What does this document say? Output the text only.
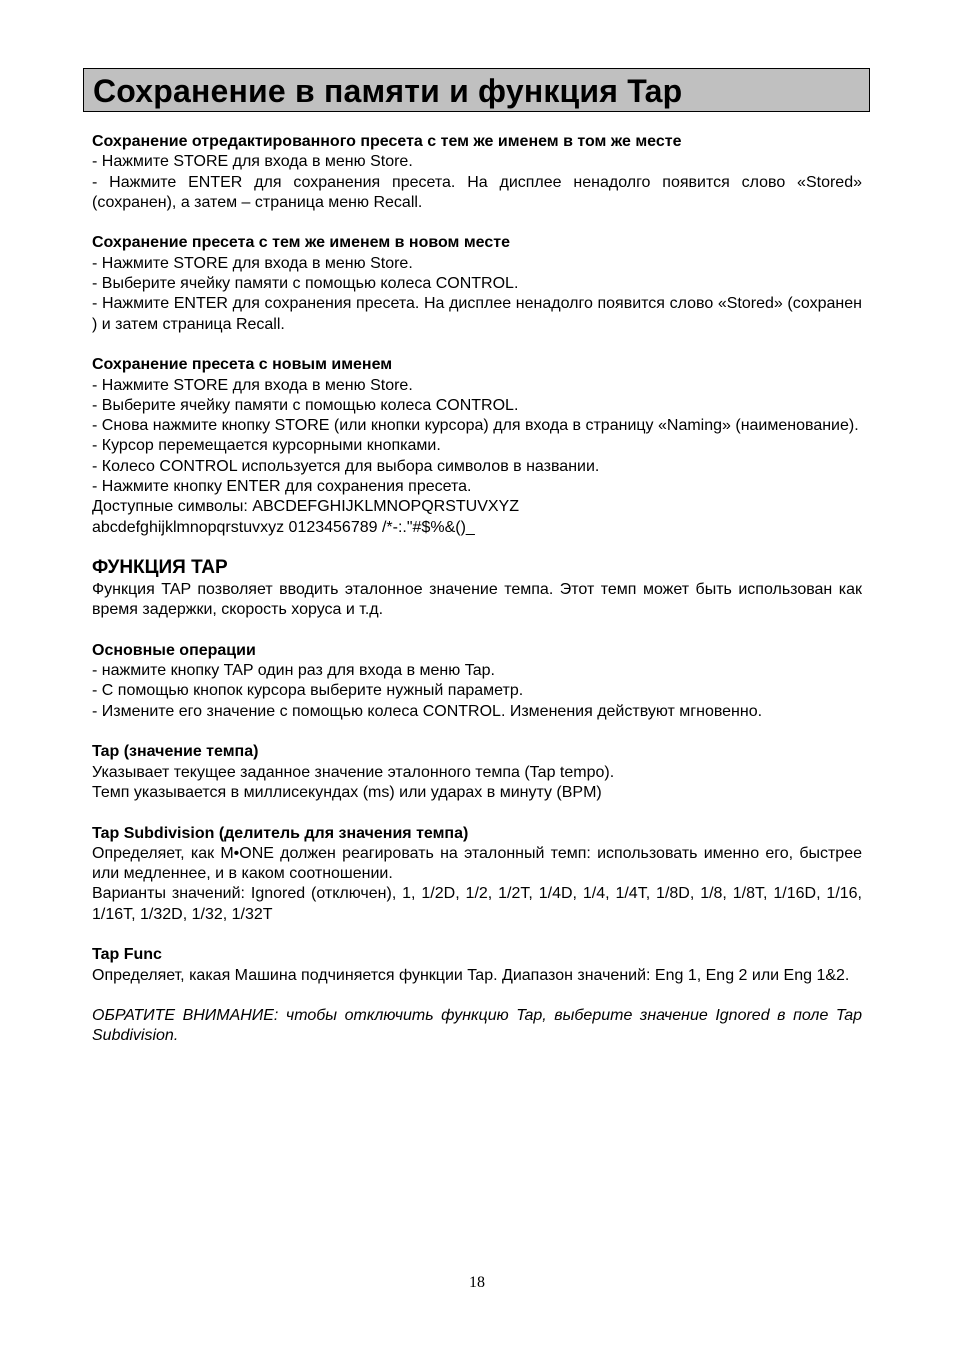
Сохранение в памяти и функция Tap

Сохранение отредактированного пресета с тем же именем в том же месте

- Нажмите STORE для входа в меню Store.

- Нажмите ENTER для сохранения пресета. На дисплее ненадолго появится слово «Stored» (сохранен), а затем – страница меню Recall.

Сохранение пресета с тем же именем в новом месте

- Нажмите STORE для входа в меню Store.

- Выберите ячейку памяти с помощью колеса CONTROL.

- Нажмите ENTER для сохранения пресета. На дисплее ненадолго появится слово «Stored» (сохранен ) и затем страница Recall.

Сохранение пресета с новым именем

- Нажмите STORE для входа в меню Store.

- Выберите ячейку памяти с помощью колеса CONTROL.

- Снова нажмите кнопку STORE (или кнопки курсора) для входа в страницу «Naming» (наименование).

- Курсор перемещается курсорными кнопками.

- Колесо CONTROL используется для выбора символов в названии.

- Нажмите кнопку ENTER для сохранения пресета.

Доступные символы: ABCDEFGHIJKLMNOPQRSTUVXYZ

abcdefghijklmnopqrstuvxyz 0123456789 /*-:."#$%&()_

ФУНКЦИЯ TAP

Функция TAP позволяет вводить эталонное значение темпа. Этот темп может быть использован как время задержки, скорость хоруса и т.д.

Основные операции

- нажмите кнопку TAP один раз для входа в меню Tap.

- С помощью кнопок курсора выберите нужный параметр.

- Измените его значение с помощью колеса CONTROL. Изменения действуют мгновенно.

Tap (значение темпа)

Указывает текущее заданное значение эталонного темпа (Tap tempo).

Темп указывается в миллисекундах (ms) или ударах в минуту (BPM)

Tap Subdivision (делитель для значения темпа)

Определяет, как M•ONE должен реагировать на эталонный темп: использовать именно его, быстрее или медленнее, и в каком соотношении.

Варианты значений: Ignored (отключен), 1, 1/2D, 1/2, 1/2T, 1/4D, 1/4, 1/4T, 1/8D, 1/8, 1/8T, 1/16D, 1/16, 1/16T, 1/32D, 1/32, 1/32T

Tap Func

Определяет, какая Машина подчиняется функции Tap. Диапазон значений: Eng 1, Eng 2 или Eng 1&2.

ОБРАТИТЕ ВНИМАНИЕ: чтобы отключить функцию Tap, выберите значение Ignored в поле Tap Subdivision.

18
